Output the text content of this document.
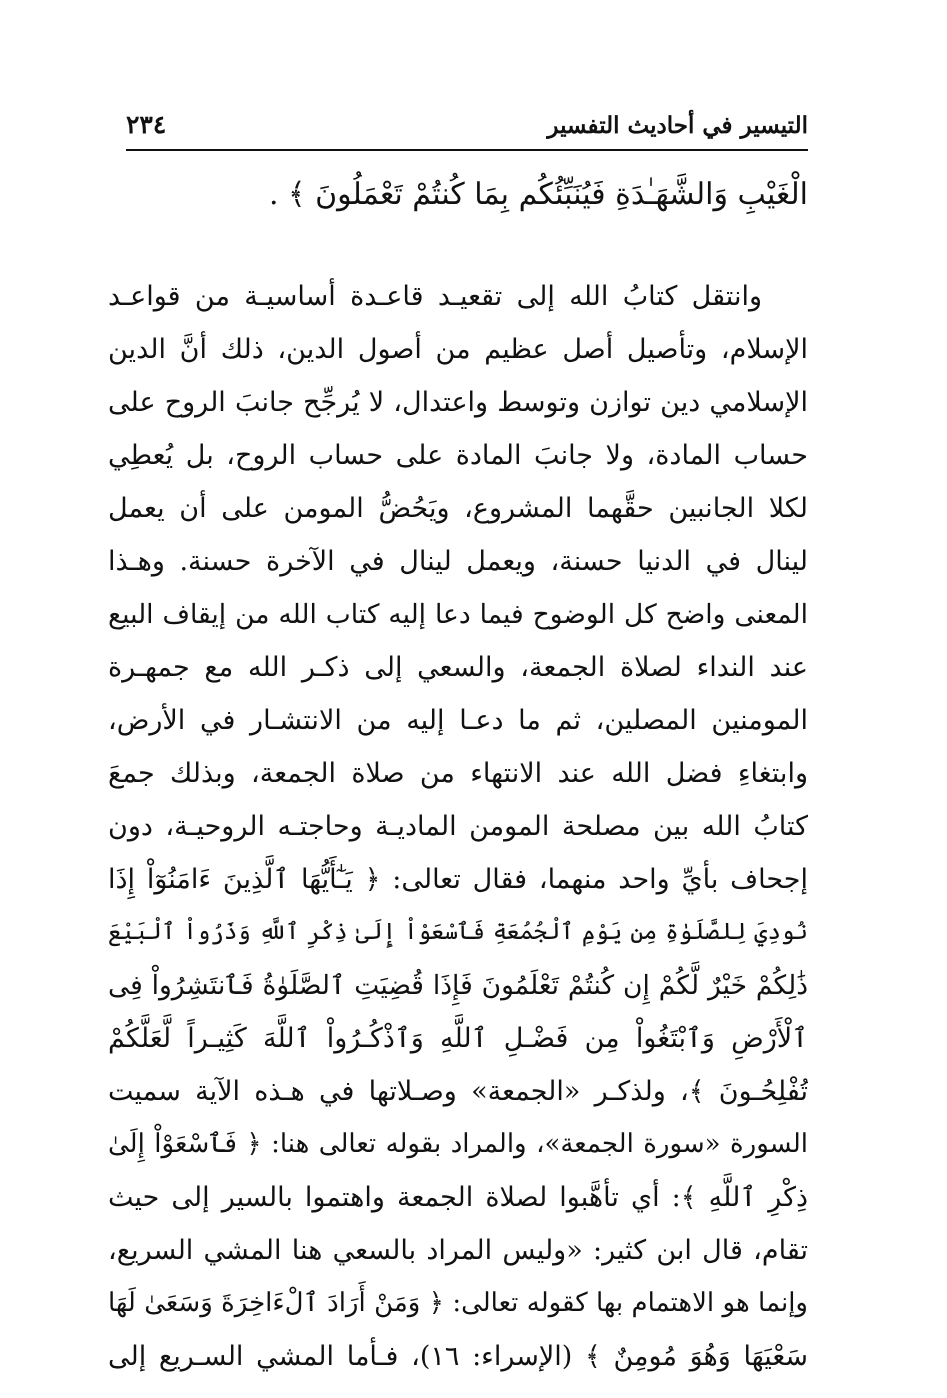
التيسير في أحاديث التفسير
٢٣٤
الْغَيْبِ وَالشَّهَـٰدَةِ فَيُنَبِّئُكُم بِمَا كُنتُمْ تَعْمَلُونَ ﴾ .
وانتقل كتابُ الله إلى تقعيـد قاعـدة أساسيـة من قواعـد
الإسلام، وتأصيل أصل عظيم من أصول الدين، ذلك أنَّ الدين
الإسلامي دين توازن وتوسط واعتدال، لا يُرجِّح جانبَ الروح على
حساب المادة، ولا جانبَ المادة على حساب الروح، بل يُعطِي
لكلا الجانبين حقَّهما المشروع، ويَحُضُّ المومن على أن يعمل
لينال في الدنيا حسنة، ويعمل لينال في الآخرة حسنة. وهـذا
المعنى واضح كل الوضوح فيما دعا إليه كتاب الله من إيقاف البيع
عند النداء لصلاة الجمعة، والسعي إلى ذكـر الله مع جمهـرة
المومنين المصلين، ثم ما دعـا إليه من الانتشـار في الأرض،
وابتغاءِ فضل الله عند الانتهاء من صلاة الجمعة، وبذلك جمعَ
كتابُ الله بين مصلحة المومن الماديـة وحاجتـه الروحيـة، دون
إجحاف بأيِّ واحد منهما، فقال تعالى: ﴿ يَـٰٓأَيُّهَا ٱلَّذِينَ ءَامَنُوٓاْ إِذَا
نُودِيَ لِلصَّلَوٰةِ مِن يَوْمِ ٱلْجُمُعَةِ فَٱسْعَوْاْ إِلَىٰ ذِكْرِ ٱللَّهِ وَذَرُواْ ٱلْبَيْعَ
ذَٰلِكُمْ خَيْرٌ لَّكُمْ إِن كُنتُمْ تَعْلَمُونَ فَإِذَا قُضِيَتِ ٱلصَّلَوٰةُ فَٱنتَشِرُواْ فِى
ٱلْأَرْضِ وَٱبْتَغُواْ مِن فَضْـلِ ٱللَّهِ وَٱذْكُـرُواْ ٱللَّهَ كَثِيـراً لَّعَلَّكُمْ
تُفْلِحُـونَ ﴾، ولذكـر «الجمعة» وصـلاتها في هـذه الآية سميت
السورة «سورة الجمعة»، والمراد بقوله تعالى هنا: ﴿ فَٱسْعَوْاْ إِلَىٰ
ذِكْرِ ٱللَّهِ ﴾: أي تأهَّبوا لصلاة الجمعة واهتموا بالسير إلى حيث
تقام، قال ابن كثير: «وليس المراد بالسعي هنا المشي السريع،
وإنما هو الاهتمام بها كقوله تعالى: ﴿ وَمَنْ أَرَادَ ٱلْءَاخِرَةَ وَسَعَىٰ لَهَا
سَعْيَهَا وَهُوَ مُومِنٌ ﴾ (الإسراء: ١٦)، فـأما المشي السـريع إلى
